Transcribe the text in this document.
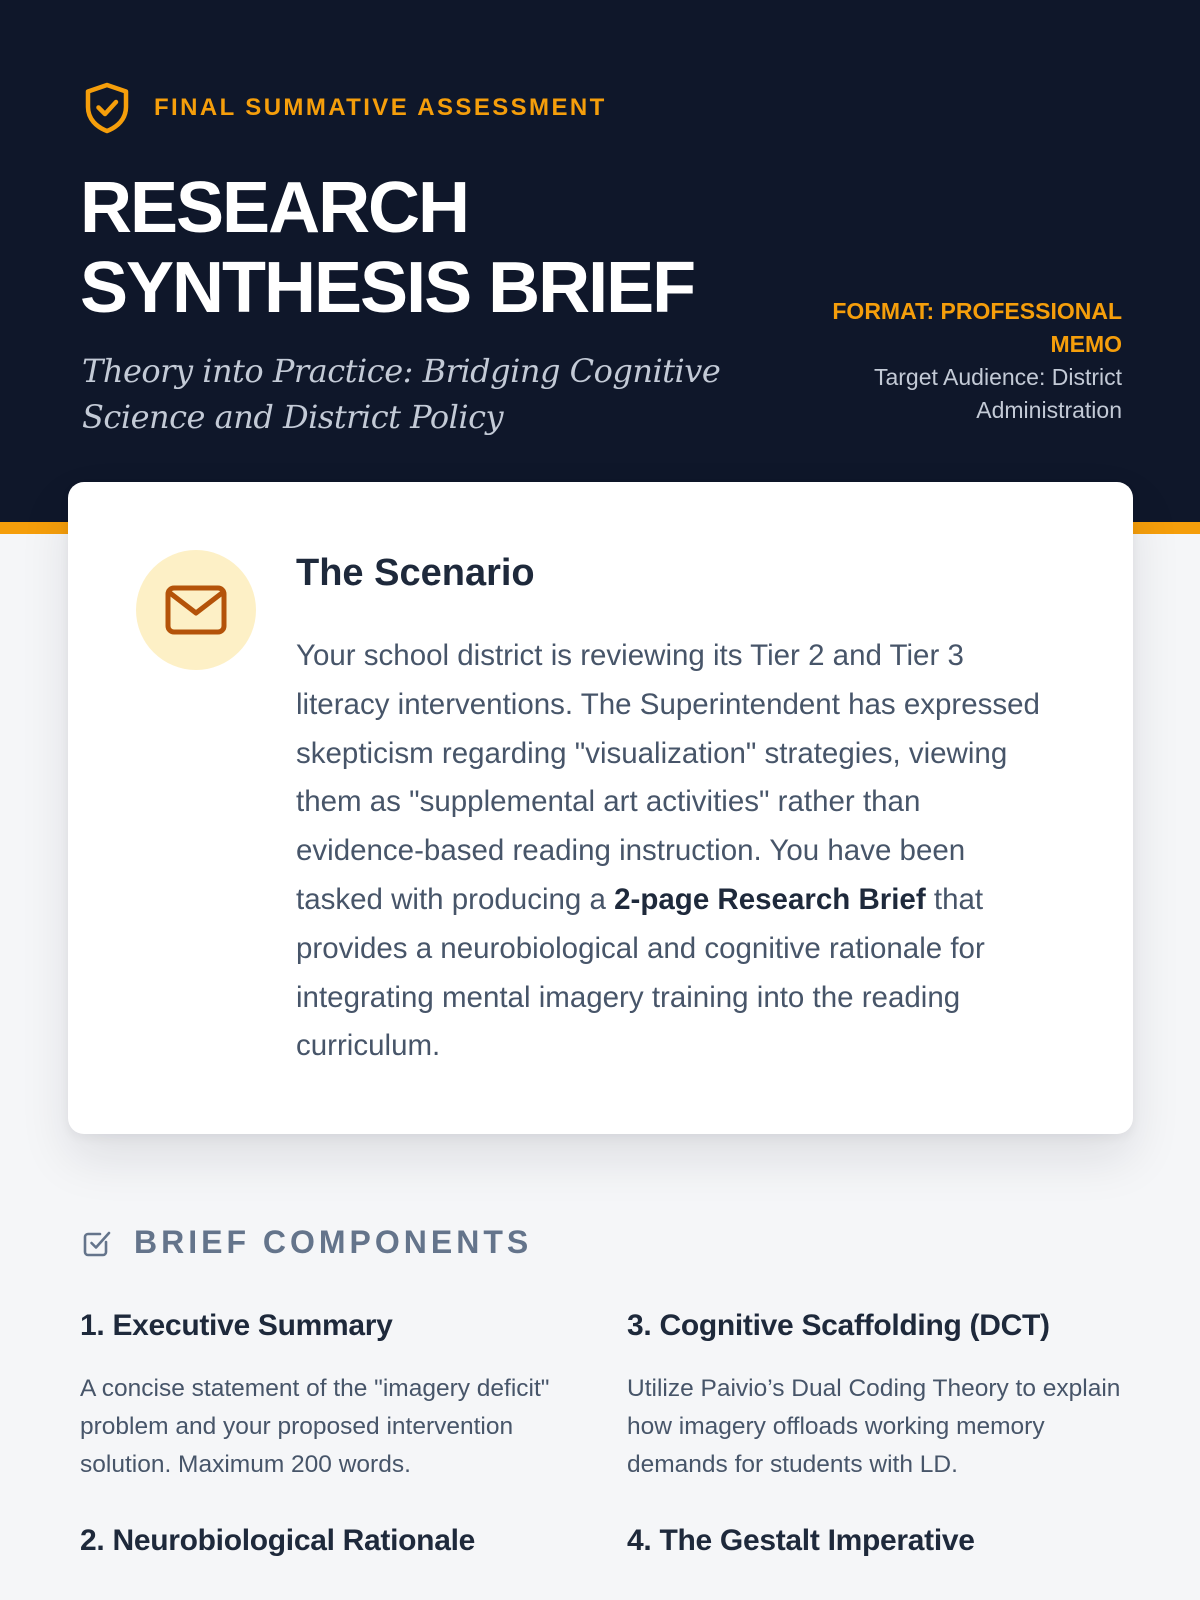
FINAL SUMMATIVE ASSESSMENT
RESEARCH
SYNTHESIS BRIEF
Theory into Practice: Bridging Cognitive Science and District Policy
FORMAT: PROFESSIONAL MEMO
Target Audience: District Administration
The Scenario

Your school district is reviewing its Tier 2 and Tier 3 literacy interventions. The Superintendent has expressed skepticism regarding "visualization" strategies, viewing them as "supplemental art activities" rather than evidence-based reading instruction. You have been tasked with producing a 2-page Research Brief that provides a neurobiological and cognitive rationale for integrating mental imagery training into the reading curriculum.

BRIEF COMPONENTS
1. Executive Summary

A concise statement of the "imagery deficit" problem and your proposed intervention solution. Maximum 200 words.

3. Cognitive Scaffolding (DCT)

Utilize Paivio’s Dual Coding Theory to explain how imagery offloads working memory demands for students with LD.

2. Neurobiological Rationale	4. The Gestalt Imperative
